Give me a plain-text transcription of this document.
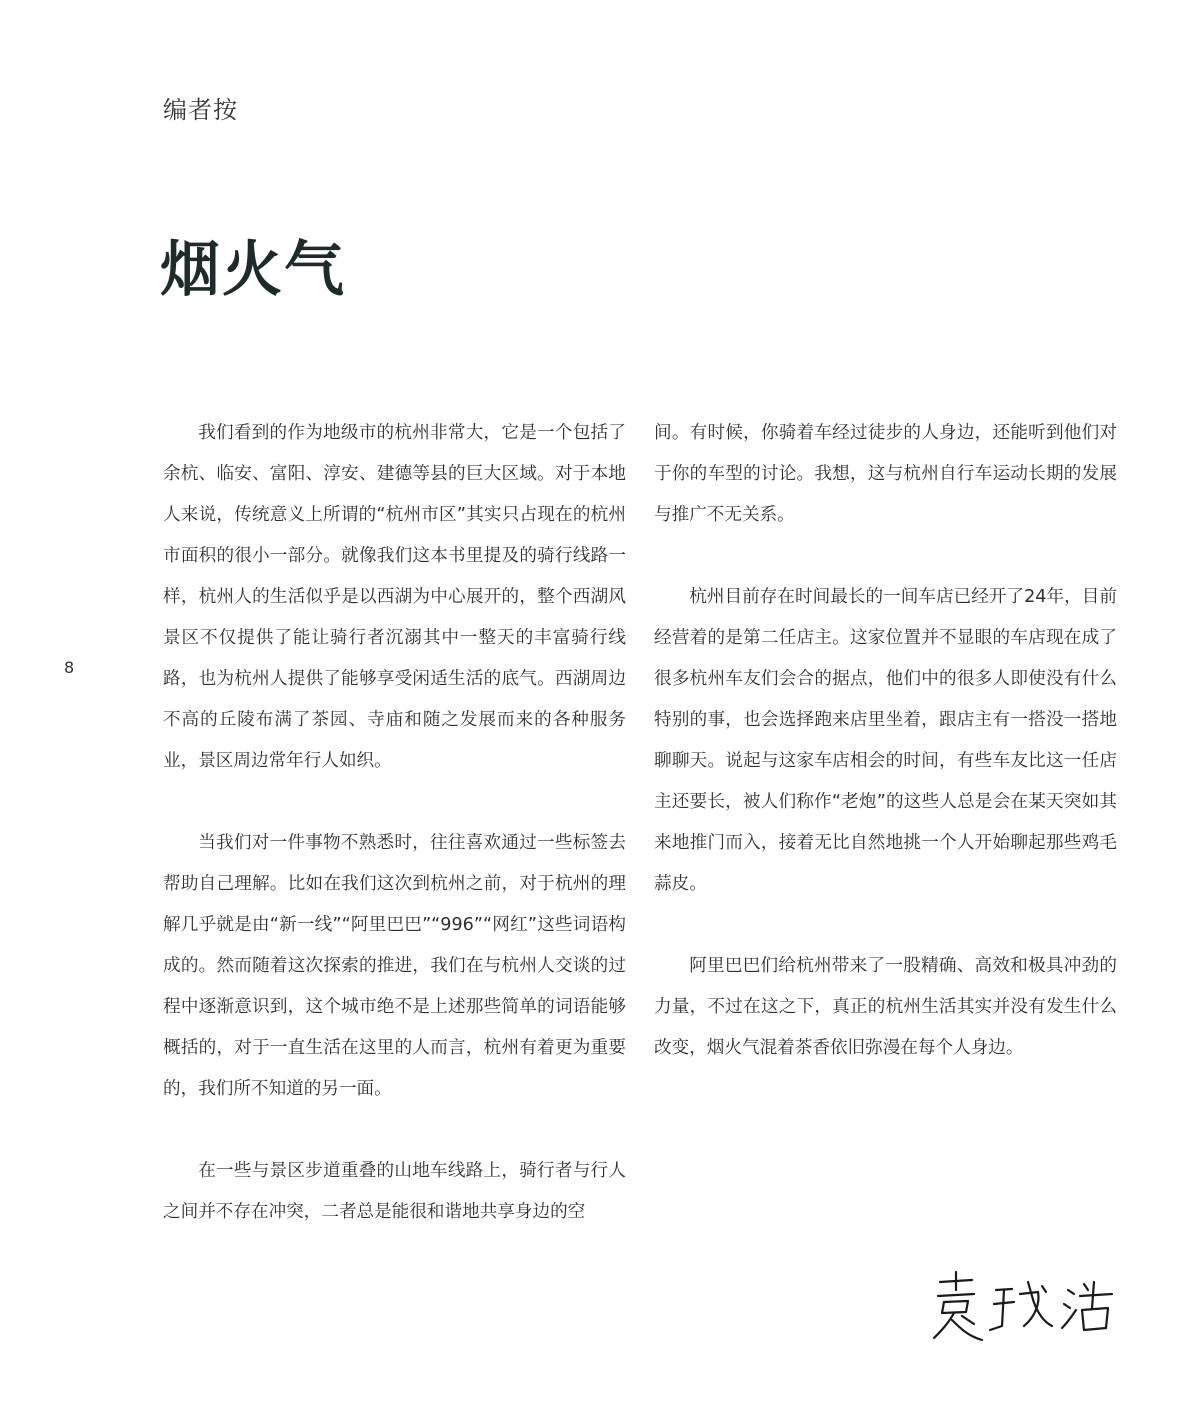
编者按
烟火气
8

我们看到的作为地级市的杭州非常大，它是一个包括了余杭、临安、富阳、淳安、建德等县的巨大区域。对于本地人来说，传统意义上所谓的“杭州市区”其实只占现在的杭州市面积的很小一部分。就像我们这本书里提及的骑行线路一样，杭州人的生活似乎是以西湖为中心展开的，整个西湖风景区不仅提供了能让骑行者沉溺其中一整天的丰富骑行线路，也为杭州人提供了能够享受闲适生活的底气。西湖周边不高的丘陵布满了茶园、寺庙和随之发展而来的各种服务业，景区周边常年行人如织。

当我们对一件事物不熟悉时，往往喜欢通过一些标签去帮助自己理解。比如在我们这次到杭州之前，对于杭州的理解几乎就是由“新一线”“阿里巴巴”“996”“网红”这些词语构成的。然而随着这次探索的推进，我们在与杭州人交谈的过程中逐渐意识到，这个城市绝不是上述那些简单的词语能够概括的，对于一直生活在这里的人而言，杭州有着更为重要的，我们所不知道的另一面。

在一些与景区步道重叠的山地车线路上，骑行者与行人之间并不存在冲突，二者总是能很和谐地共享身边的空

间。有时候，你骑着车经过徒步的人身边，还能听到他们对于你的车型的讨论。我想，这与杭州自行车运动长期的发展与推广不无关系。

杭州目前存在时间最长的一间车店已经开了24年，目前经营着的是第二任店主。这家位置并不显眼的车店现在成了很多杭州车友们会合的据点，他们中的很多人即使没有什么特别的事，也会选择跑来店里坐着，跟店主有一搭没一搭地聊聊天。说起与这家车店相会的时间，有些车友比这一任店主还要长，被人们称作“老炮”的这些人总是会在某天突如其来地推门而入，接着无比自然地挑一个人开始聊起那些鸡毛蒜皮。

阿里巴巴们给杭州带来了一股精确、高效和极具冲劲的力量，不过在这之下，真正的杭州生活其实并没有发生什么改变，烟火气混着茶香依旧弥漫在每个人身边。
